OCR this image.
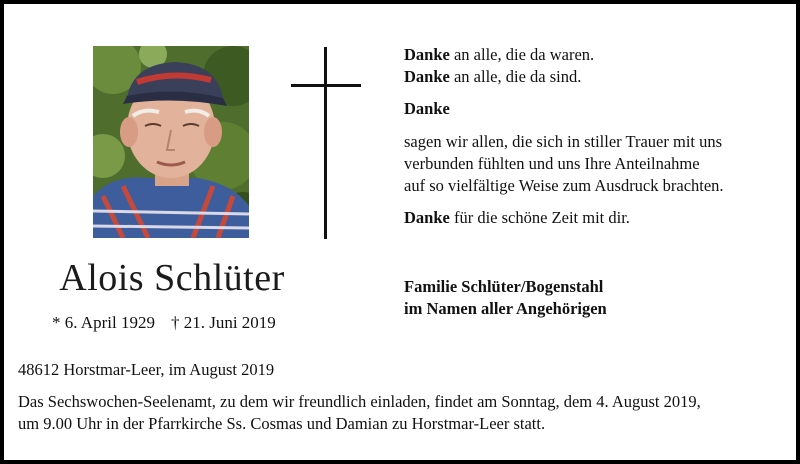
Alois Schlüter
* 6. April 1929 † 21. Juni 2019

Danke an alle, die da waren.

Danke an alle, die da sind.

Danke

sagen wir allen, die sich in stiller Trauer mit uns

verbunden fühlten und uns Ihre Anteilnahme

auf so vielfältige Weise zum Ausdruck brachten.

Danke für die schöne Zeit mit dir.

Familie Schlüter/Bogenstahl

im Namen aller Angehörigen

48612 Horstmar-Leer, im August 2019

Das Sechswochen-Seelenamt, zu dem wir freundlich einladen, findet am Sonntag, dem 4. August 2019,

um 9.00 Uhr in der Pfarrkirche Ss. Cosmas und Damian zu Horstmar-Leer statt.
